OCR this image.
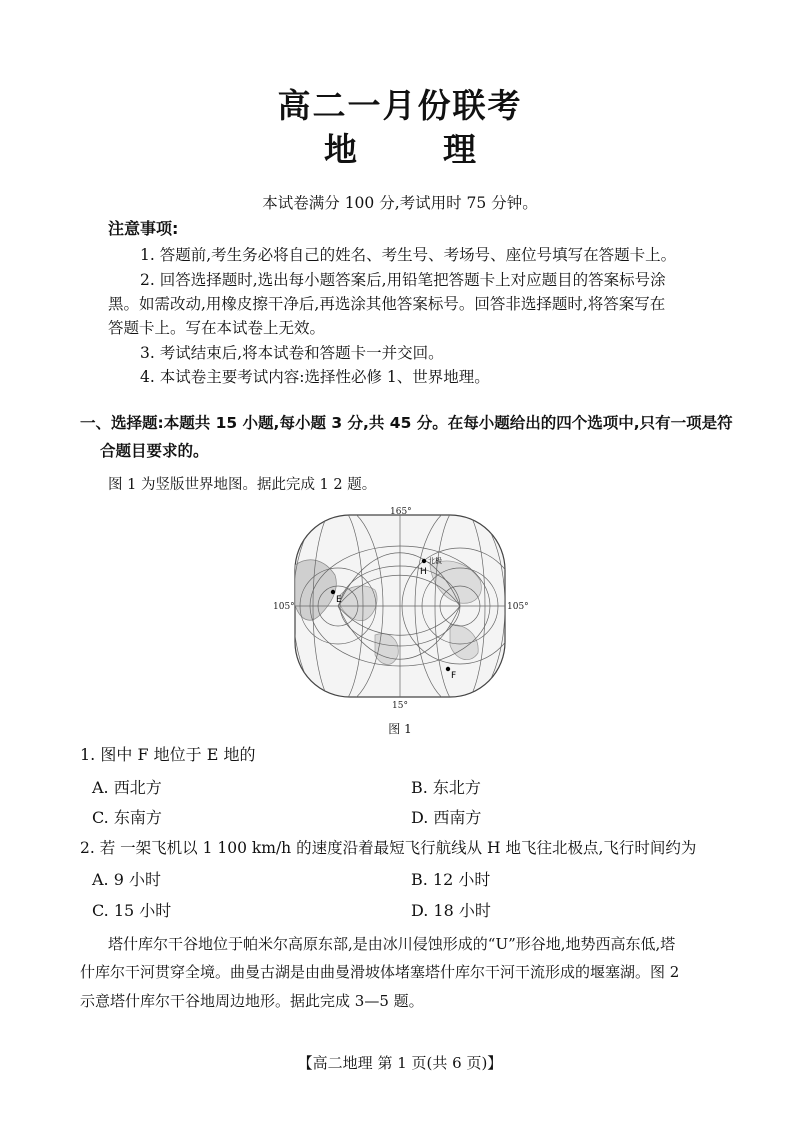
高二一月份联考
地	理
本试卷满分 100 分,考试用时 75 分钟。
注意事项:
1. 答题前,考生务必将自己的姓名、考生号、考场号、座位号填写在答题卡上。
2. 回答选择题时,选出每小题答案后,用铅笔把答题卡上对应题目的答案标号涂
黑。如需改动,用橡皮擦干净后,再选涂其他答案标号。回答非选择题时,将答案写在
答题卡上。写在本试卷上无效。
3. 考试结束后,将本试卷和答题卡一并交回。
4. 本试卷主要考试内容:选择性必修 1、世界地理。
一、选择题:本题共 15 小题,每小题 3 分,共 45 分。在每小题给出的四个选项中,只有一项是符
合题目要求的。
图 1 为竖版世界地图。据此完成 1 2 题。
165°
15°
105°	105°
E
H
北极
F
图 1
1. 图中 F 地位于 E 地的
A. 西北方	B. 东北方
C. 东南方	D. 西南方
2. 若 一架飞机以 1 100 km/h 的速度沿着最短飞行航线从 H 地飞往北极点,飞行时间约为
A. 9 小时	B. 12 小时
C. 15 小时	D. 18 小时
塔什库尔干谷地位于帕米尔高原东部,是由冰川侵蚀形成的“U”形谷地,地势西高东低,塔
什库尔干河贯穿全境。曲曼古湖是由曲曼滑坡体堵塞塔什库尔干河干流形成的堰塞湖。图 2
示意塔什库尔干谷地周边地形。据此完成 3—5 题。
【高二地理 第 1 页(共 6 页)】
